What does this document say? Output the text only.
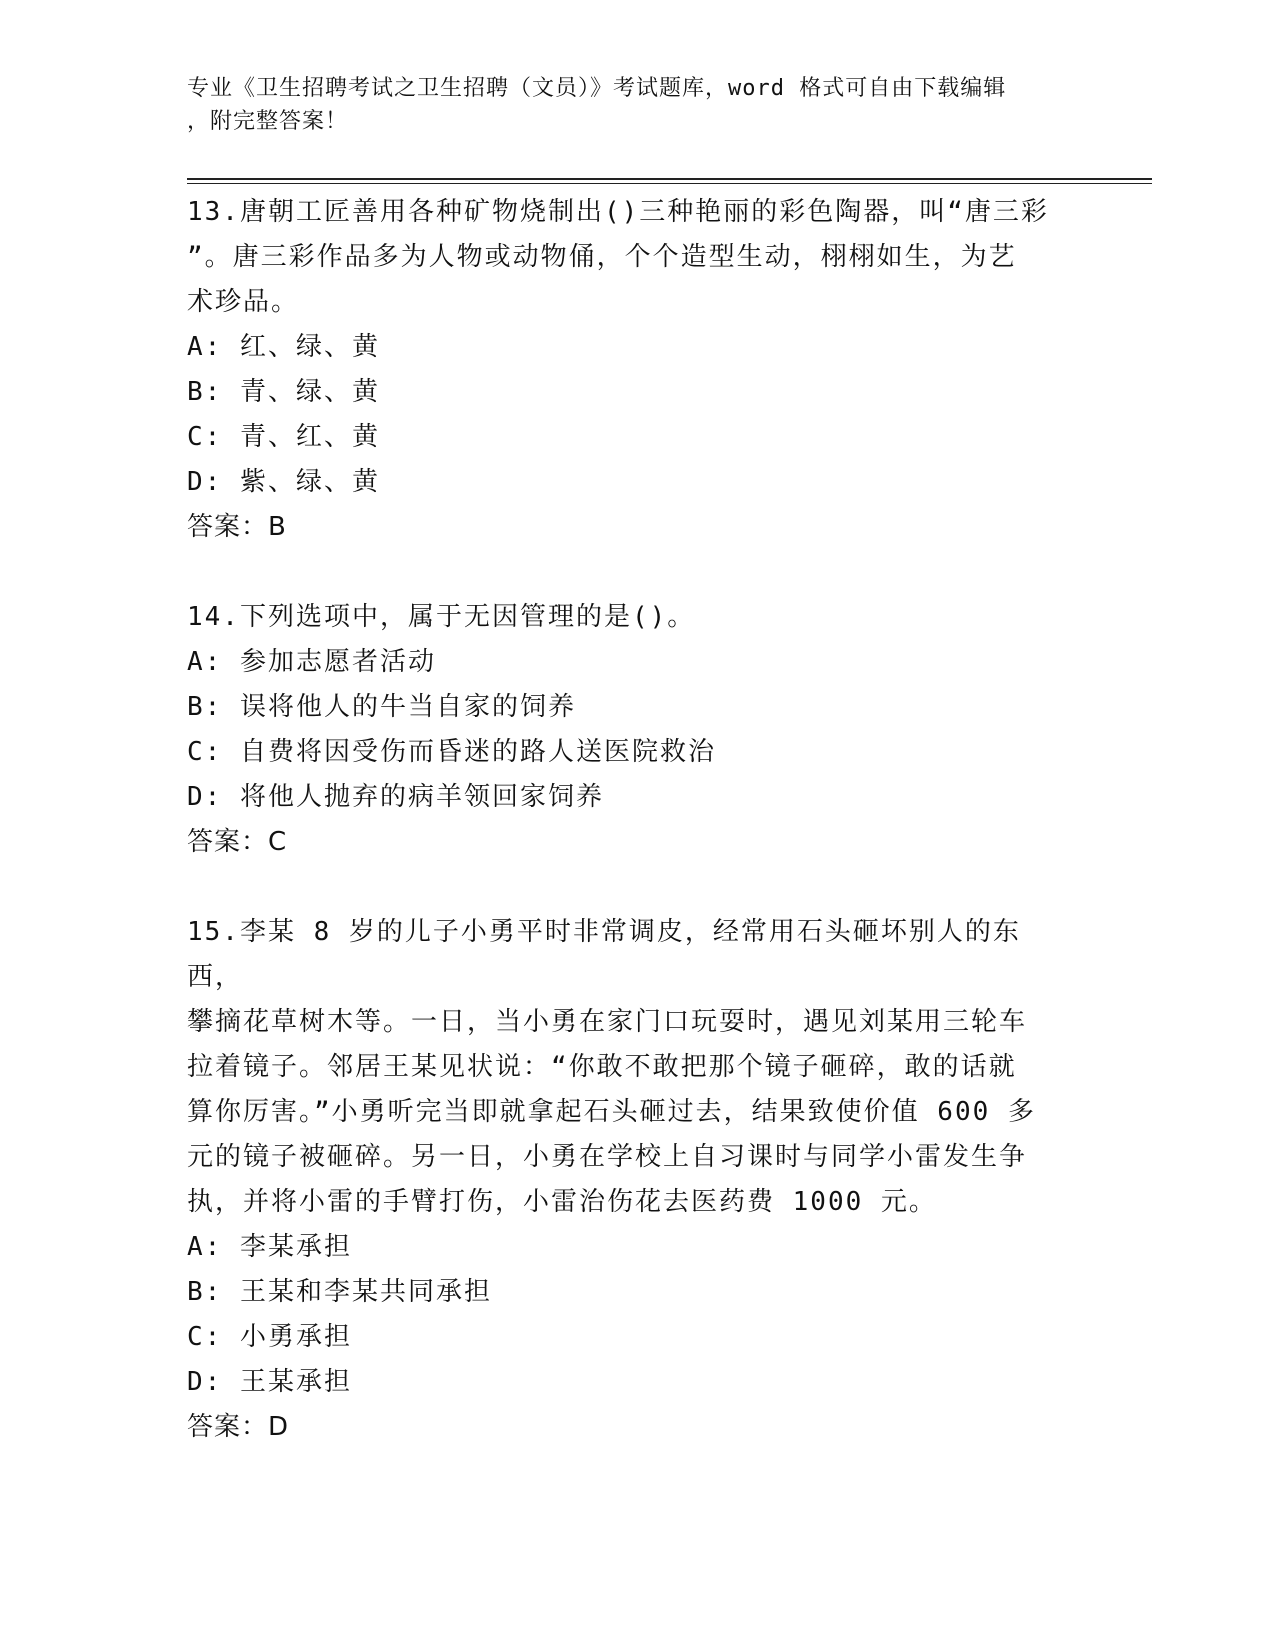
专业《卫生招聘考试之卫生招聘（文员）》考试题库，word 格式可自由下载编辑
，附完整答案！

13.唐朝工匠善用各种矿物烧制出()三种艳丽的彩色陶器，叫“唐三彩

”。唐三彩作品多为人物或动物俑，个个造型生动，栩栩如生，为艺

术珍品。

A: 红、绿、黄

B: 青、绿、黄

C: 青、红、黄

D: 紫、绿、黄

答案：B

14.下列选项中，属于无因管理的是()。

A: 参加志愿者活动

B: 误将他人的牛当自家的饲养

C: 自费将因受伤而昏迷的路人送医院救治

D: 将他人抛弃的病羊领回家饲养

答案：C

15.李某 8 岁的儿子小勇平时非常调皮，经常用石头砸坏别人的东西，

攀摘花草树木等。一日，当小勇在家门口玩耍时，遇见刘某用三轮车

拉着镜子。邻居王某见状说：“你敢不敢把那个镜子砸碎，敢的话就

算你厉害。”小勇听完当即就拿起石头砸过去，结果致使价值 600 多

元的镜子被砸碎。另一日，小勇在学校上自习课时与同学小雷发生争

执，并将小雷的手臂打伤，小雷治伤花去医药费 1000 元。

A: 李某承担

B: 王某和李某共同承担

C: 小勇承担

D: 王某承担

答案：D
